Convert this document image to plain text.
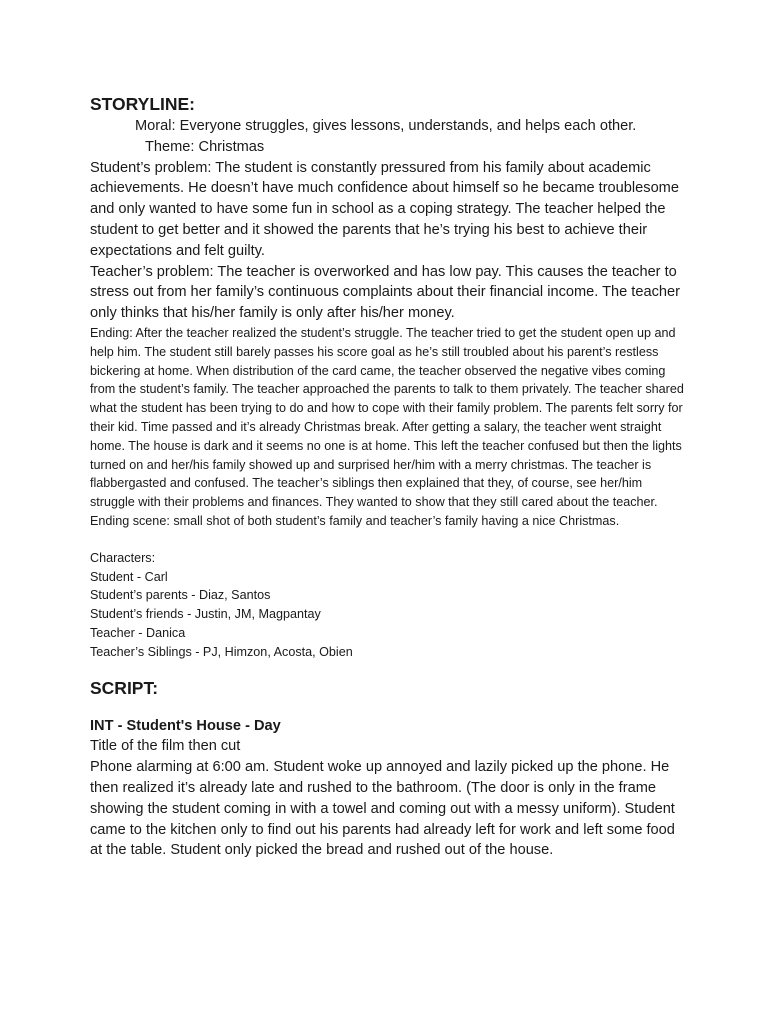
STORYLINE:

Moral: Everyone struggles, gives lessons, understands, and helps each other.

Theme: Christmas

Student’s problem: The student is constantly pressured from his family about academic achievements. He doesn’t have much confidence about himself so he became troublesome and only wanted to have some fun in school as a coping strategy. The teacher helped the student to get better and it showed the parents that he’s trying his best to achieve their expectations and felt guilty.

Teacher’s problem: The teacher is overworked and has low pay. This causes the teacher to stress out from her family’s continuous complaints about their financial income. The teacher only thinks that his/her family is only after his/her money.

Ending: After the teacher realized the student’s struggle. The teacher tried to get the student open up and help him. The student still barely passes his score goal as he’s still troubled about his parent’s restless bickering at home. When distribution of the card came, the teacher observed the negative vibes coming from the student’s family. The teacher approached the parents to talk to them privately. The teacher shared what the student has been trying to do and how to cope with their family problem. The parents felt sorry for their kid. Time passed and it’s already Christmas break. After getting a salary, the teacher went straight home. The house is dark and it seems no one is at home. This left the teacher confused but then the lights turned on and her/his family showed up and surprised her/him with a merry christmas. The teacher is flabbergasted and confused. The teacher’s siblings then explained that they, of course, see her/him struggle with their problems and finances. They wanted to show that they still cared about the teacher.

Ending scene: small shot of both student’s family and teacher’s family having a nice Christmas.

Characters:

Student - Carl

Student’s parents - Diaz, Santos

Student’s friends - Justin, JM, Magpantay

Teacher - Danica

Teacher’s Siblings - PJ, Himzon, Acosta, Obien

SCRIPT:

INT - Student's House - Day

Title of the film then cut

Phone alarming at 6:00 am. Student woke up annoyed and lazily picked up the phone. He then realized it’s already late and rushed to the bathroom. (The door is only in the frame showing the student coming in with a towel and coming out with a messy uniform). Student came to the kitchen only to find out his parents had already left for work and left some food at the table. Student only picked the bread and rushed out of the house.
